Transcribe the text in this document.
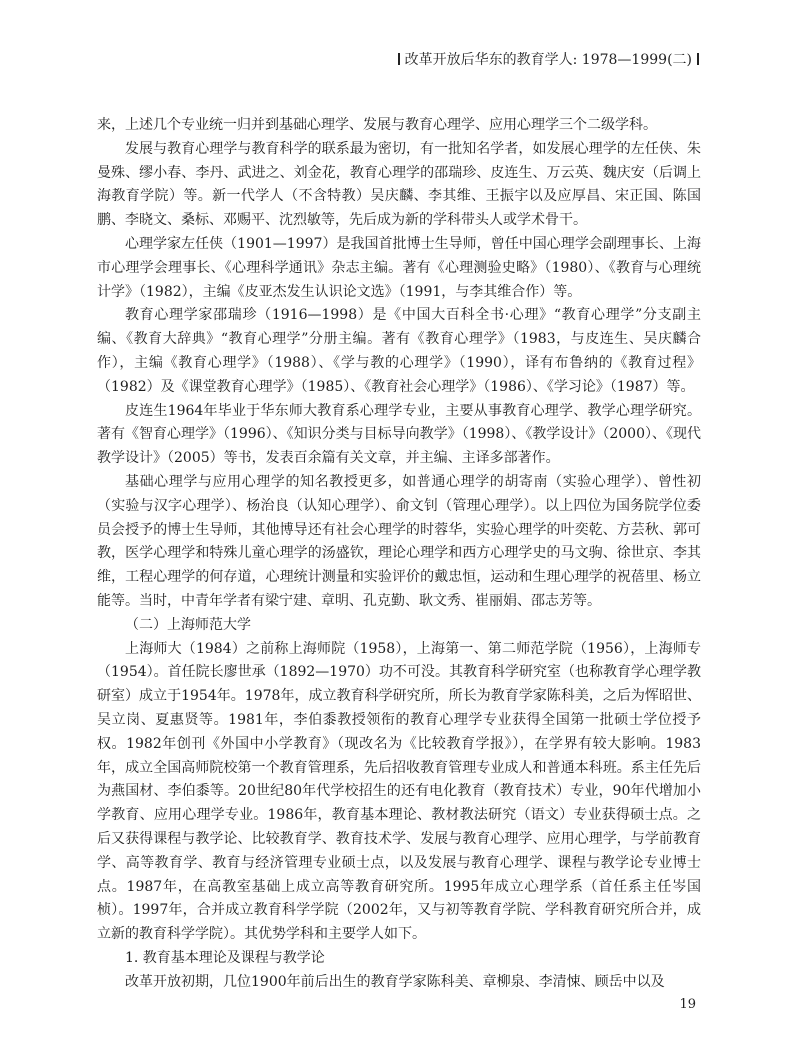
改革开放后华东的教育学人: 1978—1999(二)

来，上述几个专业统一归并到基础心理学、发展与教育心理学、应用心理学三个二级学科。

发展与教育心理学与教育科学的联系最为密切，有一批知名学者，如发展心理学的左任侠、朱曼殊、缪小春、李丹、武进之、刘金花，教育心理学的邵瑞珍、皮连生、万云英、魏庆安（后调上海教育学院）等。新一代学人（不含特教）吴庆麟、李其维、王振宇以及应厚昌、宋正国、陈国鹏、李晓文、桑标、邓赐平、沈烈敏等，先后成为新的学科带头人或学术骨干。

心理学家左任侠（1901—1997）是我国首批博士生导师，曾任中国心理学会副理事长、上海市心理学会理事长、《心理科学通讯》杂志主编。著有《心理测验史略》（1980）、《教育与心理统计学》（1982），主编《皮亚杰发生认识论文选》（1991，与李其维合作）等。

教育心理学家邵瑞珍（1916—1998）是《中国大百科全书·心理》“教育心理学”分支副主编、《教育大辞典》“教育心理学”分册主编。著有《教育心理学》（1983，与皮连生、吴庆麟合作），主编《教育心理学》（1988）、《学与教的心理学》（1990），译有布鲁纳的《教育过程》（1982）及《课堂教育心理学》（1985）、《教育社会心理学》（1986）、《学习论》（1987）等。

皮连生1964年毕业于华东师大教育系心理学专业，主要从事教育心理学、教学心理学研究。著有《智育心理学》（1996）、《知识分类与目标导向教学》（1998）、《教学设计》（2000）、《现代教学设计》（2005）等书，发表百余篇有关文章，并主编、主译多部著作。

基础心理学与应用心理学的知名教授更多，如普通心理学的胡寄南（实验心理学）、曾性初（实验与汉字心理学）、杨治良（认知心理学）、俞文钊（管理心理学）。以上四位为国务院学位委员会授予的博士生导师，其他博导还有社会心理学的时蓉华，实验心理学的叶奕乾、方芸秋、郭可教，医学心理学和特殊儿童心理学的汤盛钦，理论心理学和西方心理学史的马文驹、徐世京、李其维，工程心理学的何存道，心理统计测量和实验评价的戴忠恒，运动和生理心理学的祝蓓里、杨立能等。当时，中青年学者有梁宁建、章明、孔克勤、耿文秀、崔丽娟、邵志芳等。

（二）上海师范大学

上海师大（1984）之前称上海师院（1958），上海第一、第二师范学院（1956），上海师专（1954）。首任院长廖世承（1892—1970）功不可没。其教育科学研究室（也称教育学心理学教研室）成立于1954年。1978年，成立教育科学研究所，所长为教育学家陈科美，之后为恽昭世、吴立岗、夏惠贤等。1981年，李伯黍教授领衔的教育心理学专业获得全国第一批硕士学位授予权。1982年创刊《外国中小学教育》（现改名为《比较教育学报》），在学界有较大影响。1983年，成立全国高师院校第一个教育管理系，先后招收教育管理专业成人和普通本科班。系主任先后为燕国材、李伯黍等。20世纪80年代学校招生的还有电化教育（教育技术）专业，90年代增加小学教育、应用心理学专业。1986年，教育基本理论、教材教法研究（语文）专业获得硕士点。之后又获得课程与教学论、比较教育学、教育技术学、发展与教育心理学、应用心理学，与学前教育学、高等教育学、教育与经济管理专业硕士点，以及发展与教育心理学、课程与教学论专业博士点。1987年，在高教室基础上成立高等教育研究所。1995年成立心理学系（首任系主任岑国桢）。1997年，合并成立教育科学学院（2002年，又与初等教育学院、学科教育研究所合并，成立新的教育科学学院）。其优势学科和主要学人如下。

1. 教育基本理论及课程与教学论

改革开放初期，几位1900年前后出生的教育学家陈科美、章柳泉、李清悚、顾岳中以及

19
